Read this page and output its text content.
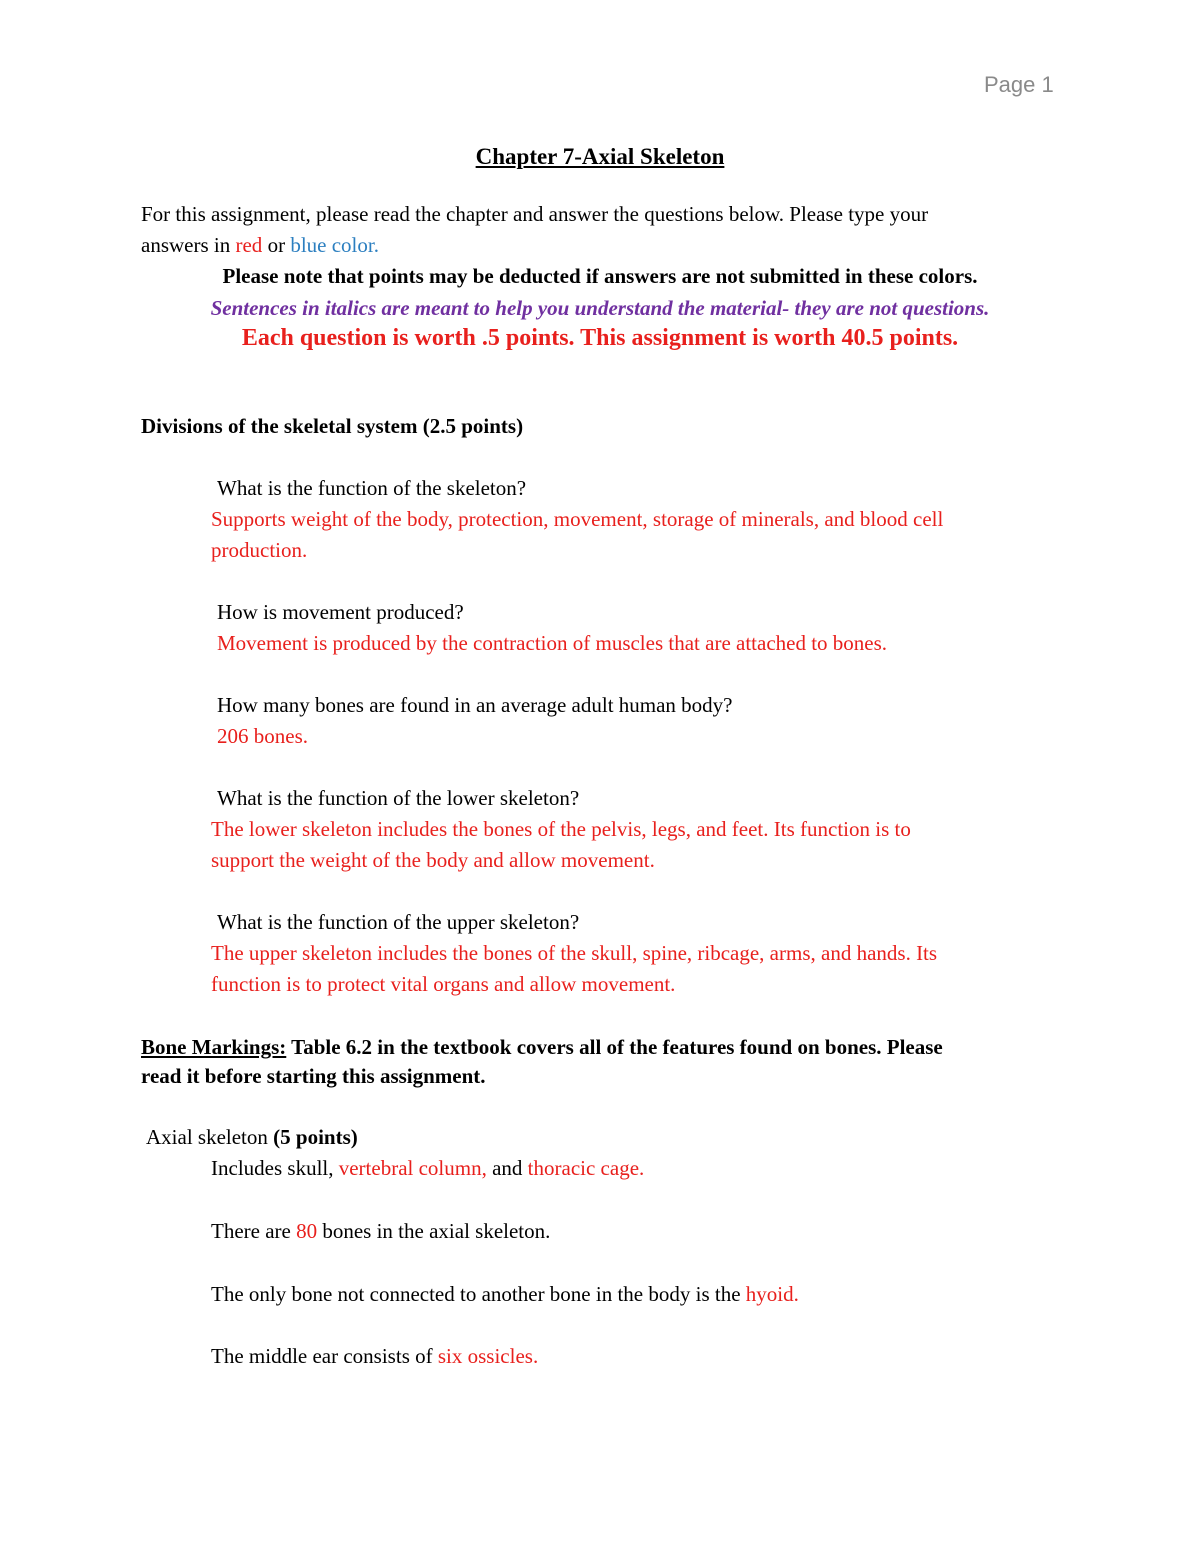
Page 1
Chapter 7-Axial Skeleton
For this assignment, please read the chapter and answer the questions below. Please type your
answers in red or blue color.
Please note that points may be deducted if answers are not submitted in these colors.
Sentences in italics are meant to help you understand the material- they are not questions.
Each question is worth .5 points. This assignment is worth 40.5 points.
Divisions of the skeletal system (2.5 points)
What is the function of the skeleton?
Supports weight of the body, protection, movement, storage of minerals, and blood cell
production.
How is movement produced?
Movement is produced by the contraction of muscles that are attached to bones.
How many bones are found in an average adult human body?
206 bones.
What is the function of the lower skeleton?
The lower skeleton includes the bones of the pelvis, legs, and feet. Its function is to
support the weight of the body and allow movement.
What is the function of the upper skeleton?
The upper skeleton includes the bones of the skull, spine, ribcage, arms, and hands. Its
function is to protect vital organs and allow movement.
Bone Markings: Table 6.2 in the textbook covers all of the features found on bones. Please
read it before starting this assignment.
Axial skeleton (5 points)
Includes skull, vertebral column, and thoracic cage.
There are 80 bones in the axial skeleton.
The only bone not connected to another bone in the body is the hyoid.
The middle ear consists of six ossicles.
